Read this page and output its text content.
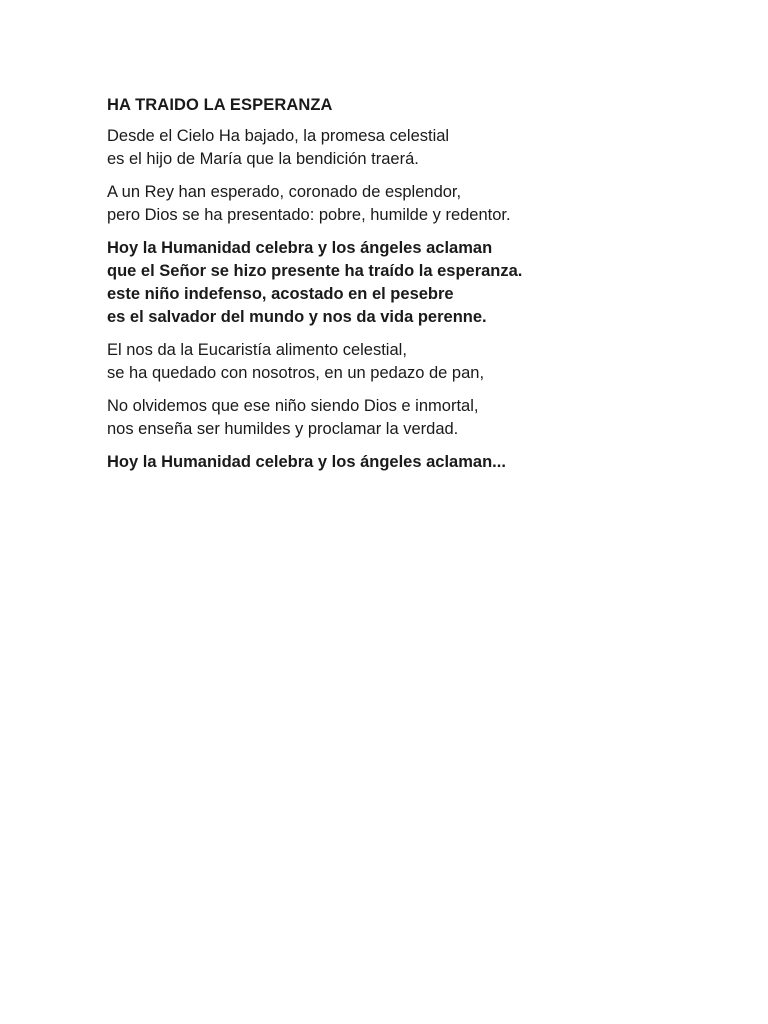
HA TRAIDO LA ESPERANZA
Desde el Cielo Ha bajado, la promesa celestial
es el hijo de María que la bendición traerá.
A un Rey han esperado, coronado de esplendor,
pero Dios se ha presentado: pobre, humilde y redentor.
Hoy la Humanidad celebra y los ángeles aclaman
que el Señor se hizo presente ha traído la esperanza.
este niño indefenso, acostado en el pesebre
es el salvador del mundo y nos da vida perenne.
El nos da la Eucaristía alimento celestial,
se ha quedado con nosotros, en un pedazo de pan,
No olvidemos que ese niño siendo Dios e inmortal,
nos enseña ser humildes y proclamar la verdad.
Hoy la Humanidad celebra y los ángeles aclaman...
